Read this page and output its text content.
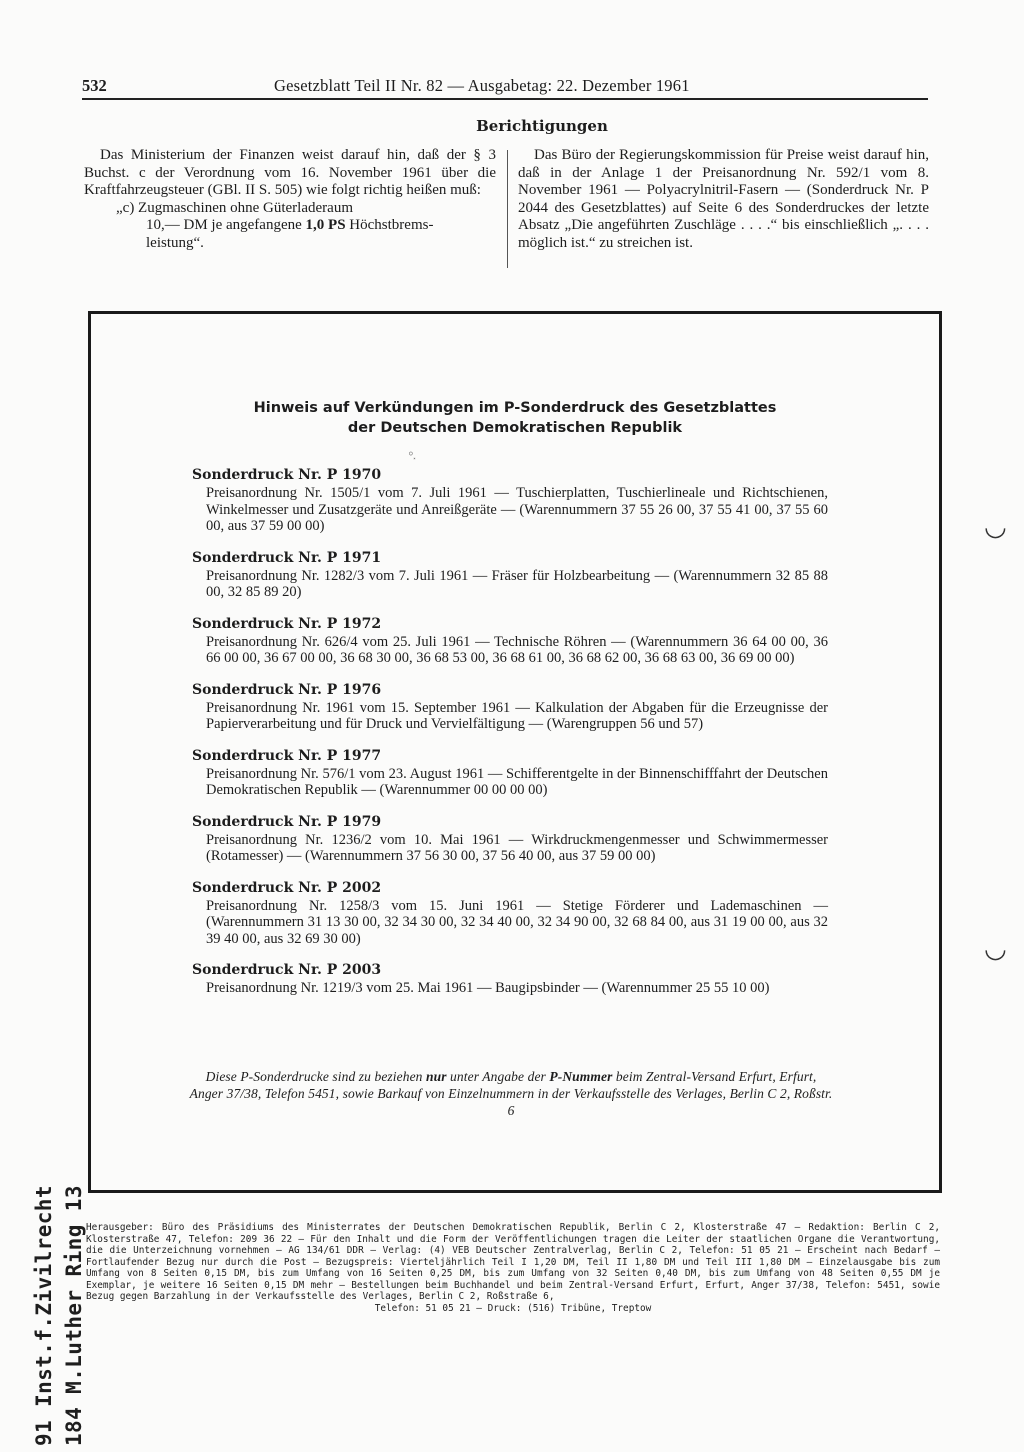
532	Gesetzblatt Teil II Nr. 82 — Ausgabetag: 22. Dezember 1961
Berichtigungen

Das Ministerium der Finanzen weist darauf hin, daß der § 3 Buchst. c der Verordnung vom 16. November 1961 über die Kraftfahrzeugsteuer (GBl. II S. 505) wie folgt richtig heißen muß:

„c) Zugmaschinen ohne Güterladeraum

10,— DM je angefangene 1,0 PS Höchstbrems-

leistung“.

Das Büro der Regierungskommission für Preise weist darauf hin, daß in der Anlage 1 der Preisanordnung Nr. 592/1 vom 8. November 1961 — Polyacrylnitril-Fasern — (Sonderdruck Nr. P 2044 des Gesetzblattes) auf Seite 6 des Sonderdruckes der letzte Absatz „Die angeführten Zuschläge . . . .“ bis einschließlich „. . . . möglich ist.“ zu streichen ist.

Hinweis auf Verkündungen im P-Sonderdruck des Gesetzblattes
der Deutschen Demokratischen Republik
⸰⸼
Sonderdruck Nr. P 1970
Preisanordnung Nr. 1505/1 vom 7. Juli 1961 — Tuschierplatten, Tuschierlineale und Richtschienen, Winkelmesser und Zusatzgeräte und Anreißgeräte — (Warennummern 37 55 26 00, 37 55 41 00, 37 55 60 00, aus 37 59 00 00)
Sonderdruck Nr. P 1971
Preisanordnung Nr. 1282/3 vom 7. Juli 1961 — Fräser für Holzbearbeitung — (Warennummern 32 85 88 00, 32 85 89 20)
Sonderdruck Nr. P 1972
Preisanordnung Nr. 626/4 vom 25. Juli 1961 — Technische Röhren — (Warennummern 36 64 00 00, 36 66 00 00, 36 67 00 00, 36 68 30 00, 36 68 53 00, 36 68 61 00, 36 68 62 00, 36 68 63 00, 36 69 00 00)
Sonderdruck Nr. P 1976
Preisanordnung Nr. 1961 vom 15. September 1961 — Kalkulation der Abgaben für die Erzeugnisse der Papierverarbeitung und für Druck und Vervielfältigung — (Warengruppen 56 und 57)
Sonderdruck Nr. P 1977
Preisanordnung Nr. 576/1 vom 23. August 1961 — Schifferentgelte in der Binnenschifffahrt der Deutschen Demokratischen Republik — (Warennummer 00 00 00 00)
Sonderdruck Nr. P 1979
Preisanordnung Nr. 1236/2 vom 10. Mai 1961 — Wirkdruckmengenmesser und Schwimmermesser (Rotamesser) — (Warennummern 37 56 30 00, 37 56 40 00, aus 37 59 00 00)
Sonderdruck Nr. P 2002
Preisanordnung Nr. 1258/3 vom 15. Juni 1961 — Stetige Förderer und Lademaschinen — (Warennummern 31 13 30 00, 32 34 30 00, 32 34 40 00, 32 34 90 00, 32 68 84 00, aus 31 19 00 00, aus 32 39 40 00, aus 32 69 30 00)
Sonderdruck Nr. P 2003
Preisanordnung Nr. 1219/3 vom 25. Mai 1961 — Baugipsbinder — (Warennummer 25 55 10 00)
Diese P-Sonderdrucke sind zu beziehen nur unter Angabe der P-Nummer beim Zentral-Versand Erfurt, Erfurt, Anger 37/38, Telefon 5451, sowie Barkauf von Einzelnummern in der Verkaufsstelle des Verlages, Berlin C 2, Roßstr. 6
◡
◡
Herausgeber: Büro des Präsidiums des Ministerrates der Deutschen Demokratischen Republik, Berlin C 2, Klosterstraße 47 — Redaktion: Berlin C 2, Klosterstraße 47, Telefon: 209 36 22 — Für den Inhalt und die Form der Veröffentlichungen tragen die Leiter der staatlichen Organe die Verantwortung, die die Unterzeichnung vornehmen — AG 134/61 DDR — Verlag: (4) VEB Deutscher Zentralverlag, Berlin C 2, Telefon: 51 05 21 — Erscheint nach Bedarf — Fortlaufender Bezug nur durch die Post — Bezugspreis: Vierteljährlich Teil I 1,20 DM, Teil II 1,80 DM und Teil III 1,80 DM — Einzelausgabe bis zum Umfang von 8 Seiten 0,15 DM, bis zum Umfang von 16 Seiten 0,25 DM, bis zum Umfang von 32 Seiten 0,40 DM, bis zum Umfang von 48 Seiten 0,55 DM je Exemplar, je weitere 16 Seiten 0,15 DM mehr — Bestellungen beim Buchhandel und beim Zentral-Versand Erfurt, Erfurt, Anger 37/38, Telefon: 5451, sowie Bezug gegen Barzahlung in der Verkaufsstelle des Verlages, Berlin C 2, Roßstraße 6,
Telefon: 51 05 21 — Druck: (516) Tribüne, Treptow
91 Inst.f.Zivilrecht 184 M.Luther Ring 13
